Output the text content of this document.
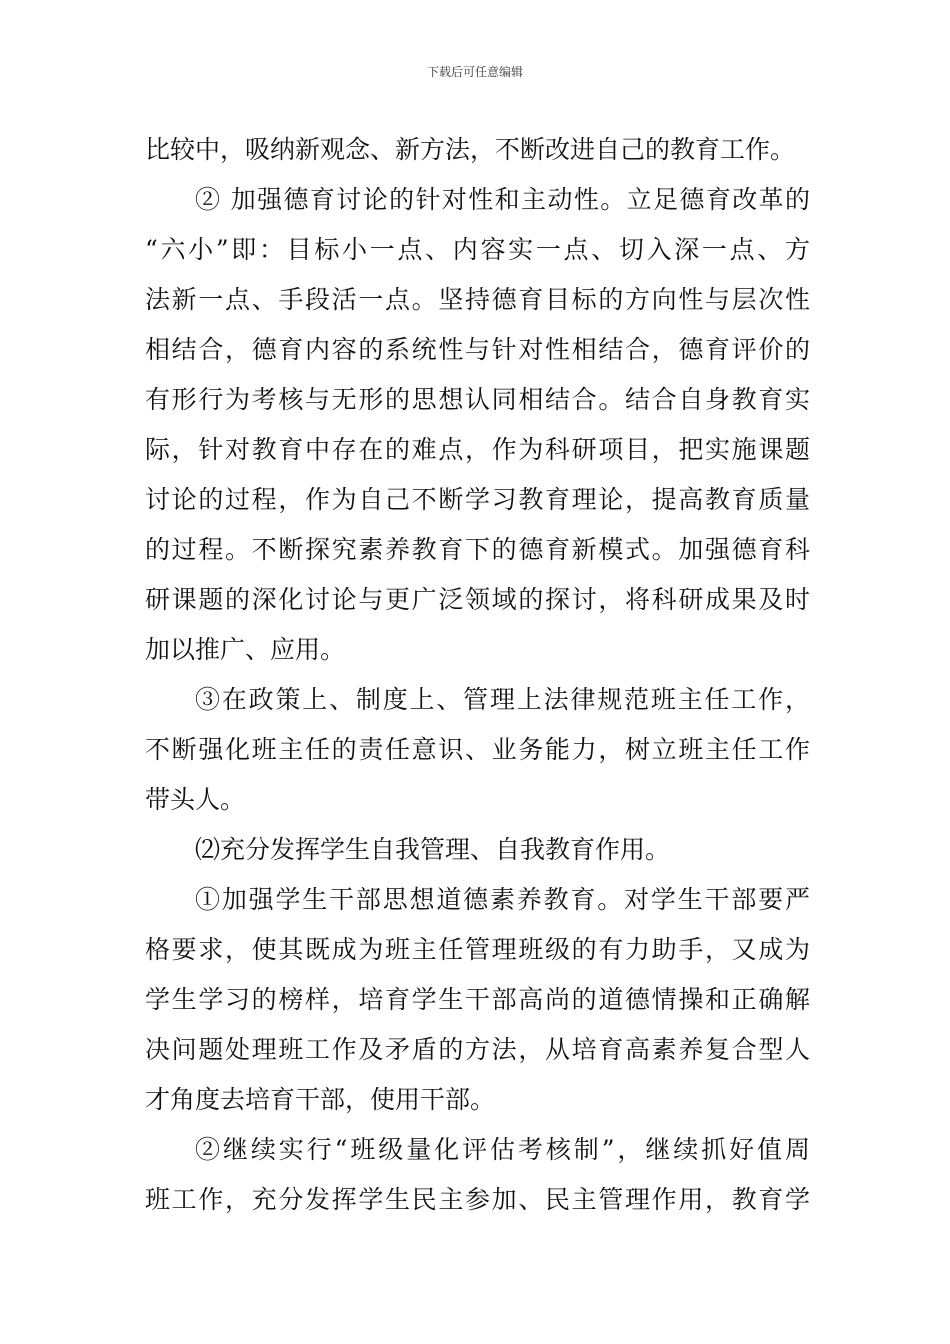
下载后可任意编辑
比较中，吸纳新观念、新方法，不断改进自己的教育工作。
② 加强德育讨论的针对性和主动性。立足德育改革的
“六小”即：目标小一点、内容实一点、切入深一点、方
法新一点、手段活一点。坚持德育目标的方向性与层次性
相结合，德育内容的系统性与针对性相结合，德育评价的
有形行为考核与无形的思想认同相结合。结合自身教育实
际，针对教育中存在的难点，作为科研项目，把实施课题
讨论的过程，作为自己不断学习教育理论，提高教育质量
的过程。不断探究素养教育下的德育新模式。加强德育科
研课题的深化讨论与更广泛领域的探讨，将科研成果及时
加以推广、应用。
③在政策上、制度上、管理上法律规范班主任工作，
不断强化班主任的责任意识、业务能力，树立班主任工作
带头人。
⑵充分发挥学生自我管理、自我教育作用。
①加强学生干部思想道德素养教育。对学生干部要严
格要求，使其既成为班主任管理班级的有力助手，又成为
学生学习的榜样，培育学生干部高尚的道德情操和正确解
决问题处理班工作及矛盾的方法，从培育高素养复合型人
才角度去培育干部，使用干部。
②继续实行“班级量化评估考核制”，继续抓好值周
班工作，充分发挥学生民主参加、民主管理作用，教育学
